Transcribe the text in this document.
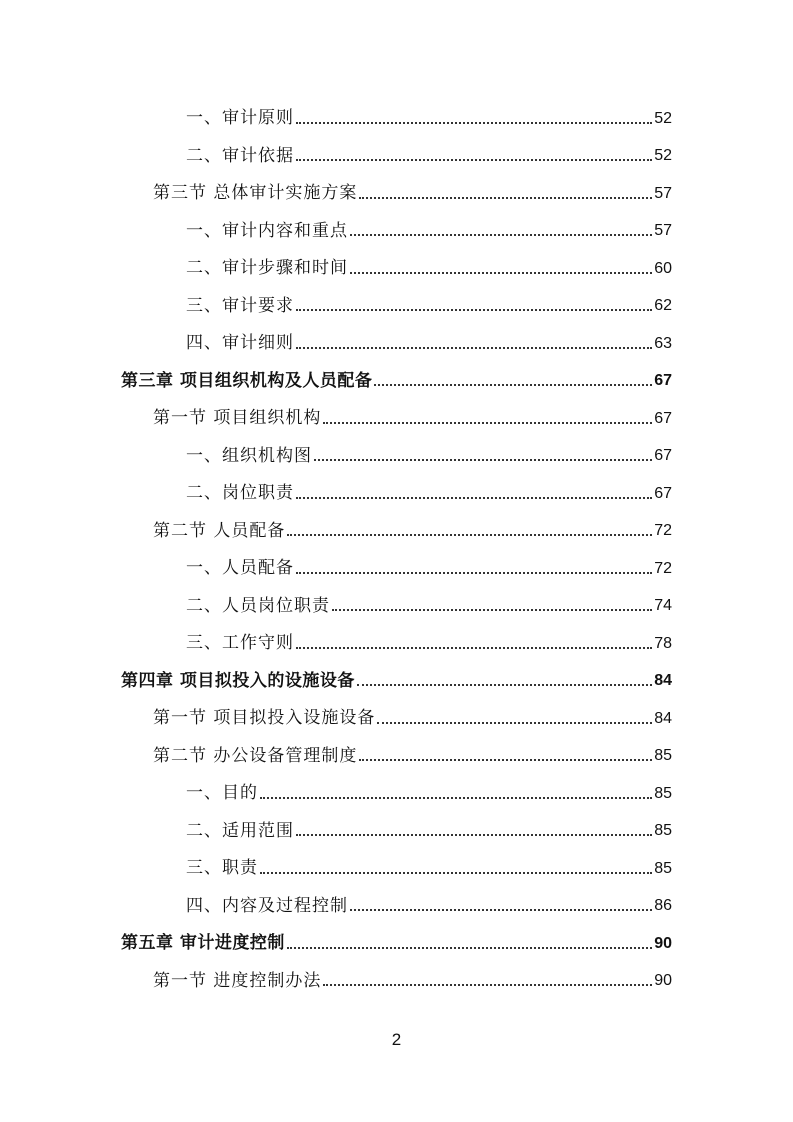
一、审计原则	52
二、审计依据	52
第三节 总体审计实施方案	57
一、审计内容和重点	57
二、审计步骤和时间	60
三、审计要求	62
四、审计细则	63
第三章 项目组织机构及人员配备	67
第一节 项目组织机构	67
一、组织机构图	67
二、岗位职责	67
第二节 人员配备	72
一、人员配备	72
二、人员岗位职责	74
三、工作守则	78
第四章 项目拟投入的设施设备	84
第一节 项目拟投入设施设备	84
第二节 办公设备管理制度	85
一、目的	85
二、适用范围	85
三、职责	85
四、内容及过程控制	86
第五章 审计进度控制	90
第一节 进度控制办法	90
2
